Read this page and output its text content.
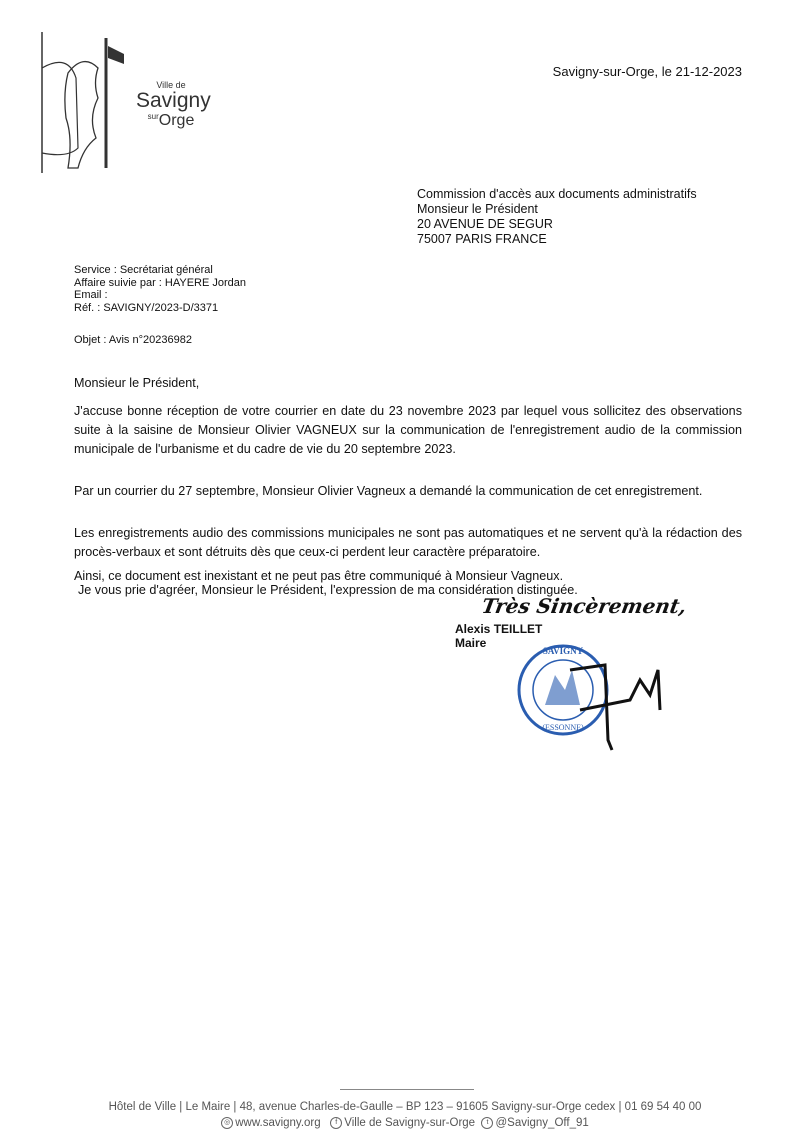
Ville de
Savigny
$^{sur}$Orge
Savigny-sur-Orge, le 21-12-2023
Commission d'accès aux documents administratifs
Monsieur le Président
20 AVENUE DE SEGUR
75007 PARIS FRANCE
Service : Secrétariat général
Affaire suivie par : HAYERE Jordan
Email :
Réf. : SAVIGNY/2023-D/3371
Objet : Avis n°20236982
Monsieur le Président,
J'accuse bonne réception de votre courrier en date du 23 novembre 2023 par lequel vous sollicitez des observations suite à la saisine de Monsieur Olivier VAGNEUX sur la communication de l'enregistrement audio de la commission municipale de l'urbanisme et du cadre de vie du 20 septembre 2023.
Par un courrier du 27 septembre, Monsieur Olivier Vagneux a demandé la communication de cet enregistrement.
Les enregistrements audio des commissions municipales ne sont pas automatiques et ne servent qu'à la rédaction des procès-verbaux et sont détruits dès que ceux-ci perdent leur caractère préparatoire.
Ainsi, ce document est inexistant et ne peut pas être communiqué à Monsieur Vagneux.
Je vous prie d'agréer, Monsieur le Président, l'expression de ma considération distinguée.
Très Sincèrement,
Alexis TEILLET
Maire
SAVIGNY
(ESSONNE)
Hôtel de Ville | Le Maire | 48, avenue Charles-de-Gaulle – BP 123 – 91605 Savigny-sur-Orge cedex | 01 69 54 40 00
◎ www.savigny.org f Ville de Savigny-sur-Orge t @Savigny_Off_91
